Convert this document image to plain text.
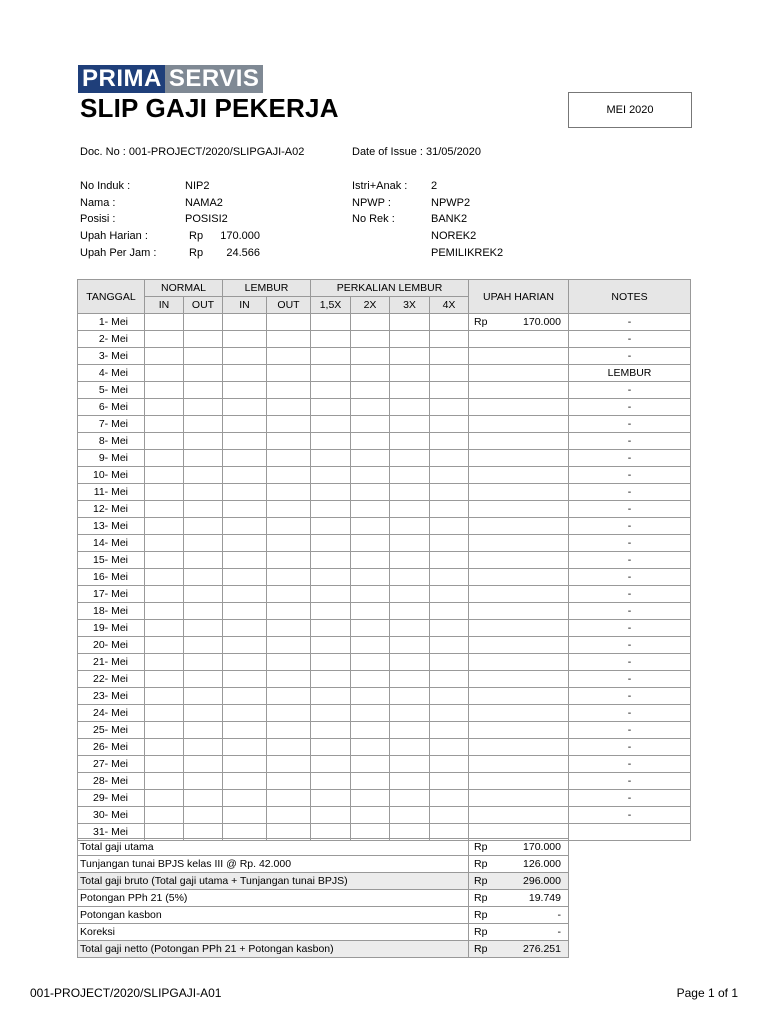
PRIMA SERVIS
SLIP GAJI PEKERJA	MEI 2020
Doc. No : 001-PROJECT/2020/SLIPGAJI-A02	Date of Issue : 31/05/2020
No Induk :	NIP2
Nama :	NAMA2
Posisi :	POSISI2
Upah Harian :	Rp	170.000
Upah Per Jam :	Rp	24.566
Istri+Anak : 2
NPWP :	NPWP2
No Rek :	BANK2
NOREK2
PEMILIKREK2
TANGGAL	NORMAL		LEMBUR		PERKALIAN LEMBUR				UPAH HARIAN	NOTES
	IN	OUT	IN	OUT	1,5X	2X	3X	4X		
1- Mei									Rp 170.000	-
2- Mei										-
3- Mei										-
4- Mei										LEMBUR
5- Mei										-
6- Mei										-
7- Mei										-
8- Mei										-
9- Mei										-
10- Mei										-
11- Mei										-
12- Mei										-
13- Mei										-
14- Mei										-
15- Mei										-
16- Mei										-
17- Mei										-
18- Mei										-
19- Mei										-
20- Mei										-
21- Mei										-
22- Mei										-
23- Mei										-
24- Mei										-
25- Mei										-
26- Mei										-
27- Mei										-
28- Mei										-
29- Mei										-
30- Mei										-
31- Mei									

Total gaji utama	Rp 170.000

Tunjangan tunai BPJS kelas III @ Rp. 42.000	Rp 126.000

Total gaji bruto (Total gaji utama + Tunjangan tunai BPJS)	Rp 296.000

Potongan PPh 21 (5%)	Rp 19.749

Potongan kasbon	Rp -

Koreksi	Rp -

Total gaji netto (Potongan PPh 21 + Potongan kasbon)	Rp 276.251
001-PROJECT/2020/SLIPGAJI-A01	Page 1 of 1
